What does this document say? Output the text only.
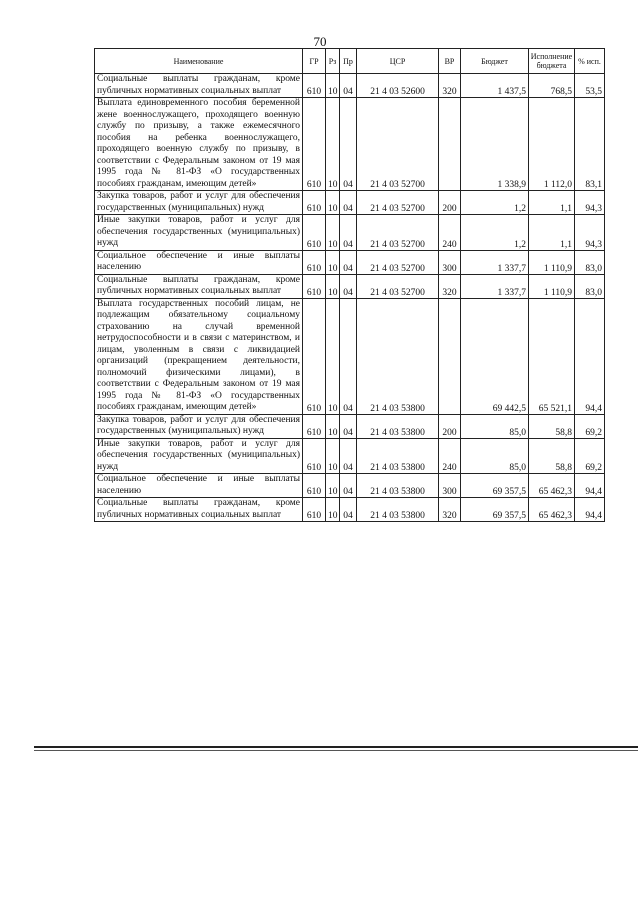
70
Наименование	ГР	Рз	Пр	ЦСР	ВР	Бюджет	Исполнение бюджета	% исп.
Социальные выплаты гражданам, кроме публичных нормативных социальных выплат	610	10	04	21 4 03 52600	320	1 437,5	768,5	53,5
Выплата единовременного пособия беременной жене военнослужащего, проходящего военную службу по призыву, а также ежемесячного пособия на ребенка военнослужащего, проходящего военную службу по призыву, в соответствии с Федеральным законом от 19 мая 1995 года № 81-ФЗ «О государственных пособиях гражданам, имеющим детей»	610	10	04	21 4 03 52700		1 338,9	1 112,0	83,1
Закупка товаров, работ и услуг для обеспечения государственных (муниципальных) нужд	610	10	04	21 4 03 52700	200	1,2	1,1	94,3
Иные закупки товаров, работ и услуг для обеспечения государственных (муниципальных) нужд	610	10	04	21 4 03 52700	240	1,2	1,1	94,3
Социальное обеспечение и иные выплаты населению	610	10	04	21 4 03 52700	300	1 337,7	1 110,9	83,0
Социальные выплаты гражданам, кроме публичных нормативных социальных выплат	610	10	04	21 4 03 52700	320	1 337,7	1 110,9	83,0
Выплата государственных пособий лицам, не подлежащим обязательному социальному страхованию на случай временной нетрудоспособности и в связи с материнством, и лицам, уволенным в связи с ликвидацией организаций (прекращением деятельности, полномочий физическими лицами), в соответствии с Федеральным законом от 19 мая 1995 года № 81-ФЗ «О государственных пособиях гражданам, имеющим детей»	610	10	04	21 4 03 53800		69 442,5	65 521,1	94,4
Закупка товаров, работ и услуг для обеспечения государственных (муниципальных) нужд	610	10	04	21 4 03 53800	200	85,0	58,8	69,2
Иные закупки товаров, работ и услуг для обеспечения государственных (муниципальных) нужд	610	10	04	21 4 03 53800	240	85,0	58,8	69,2
Социальное обеспечение и иные выплаты населению	610	10	04	21 4 03 53800	300	69 357,5	65 462,3	94,4
Социальные выплаты гражданам, кроме публичных нормативных социальных выплат	610	10	04	21 4 03 53800	320	69 357,5	65 462,3	94,4
